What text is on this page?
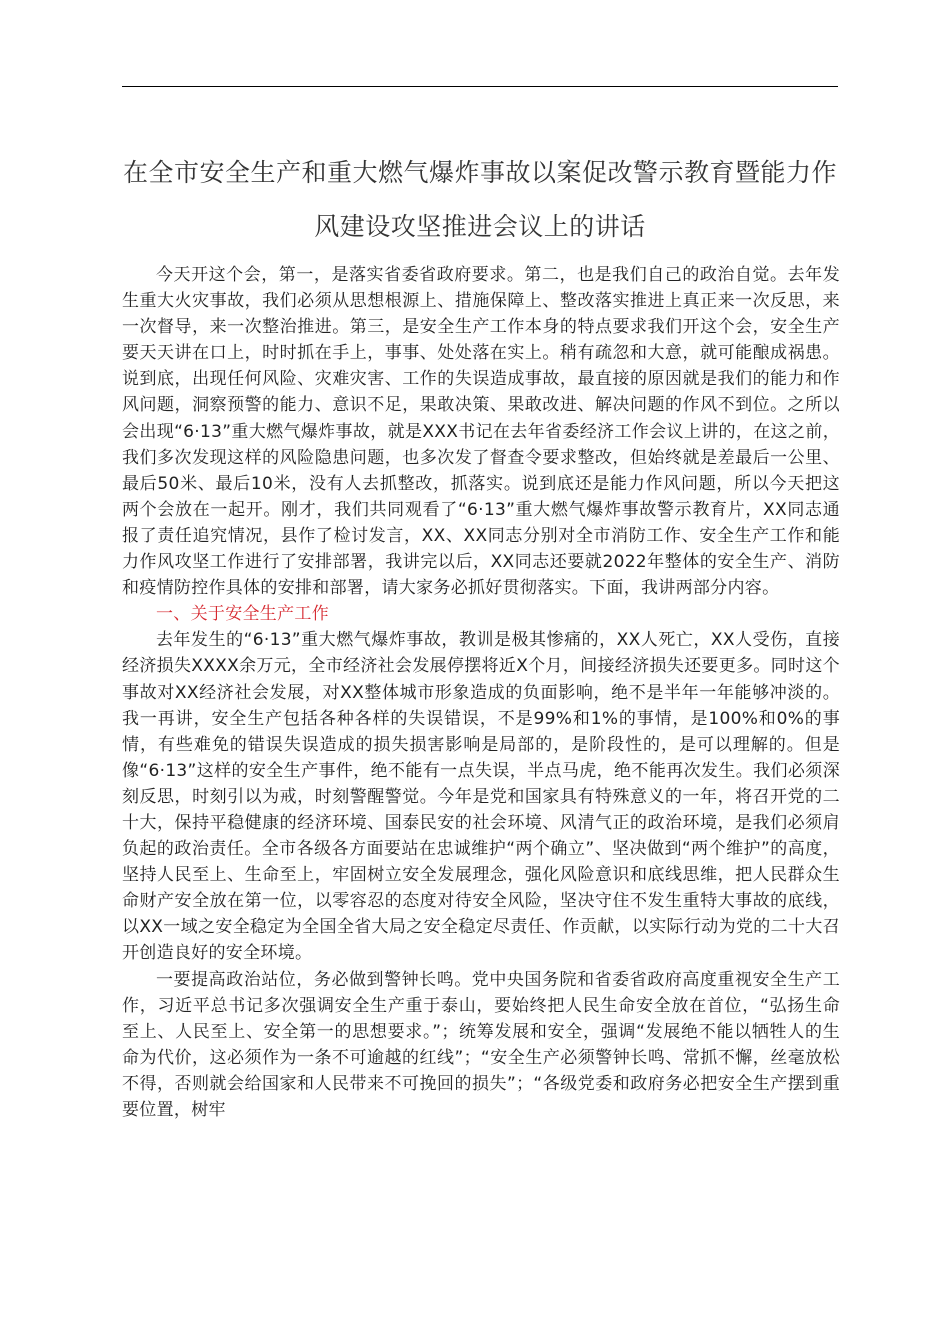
在全市安全生产和重大燃气爆炸事故以案促改警示教育暨能力作风建设攻坚推进会议上的讲话

今天开这个会，第一，是落实省委省政府要求。第二，也是我们自己的政治自觉。去年发生重大火灾事故，我们必须从思想根源上、措施保障上、整改落实推进上真正来一次反思，来一次督导，来一次整治推进。第三，是安全生产工作本身的特点要求我们开这个会，安全生产要天天讲在口上，时时抓在手上，事事、处处落在实上。稍有疏忽和大意，就可能酿成祸患。说到底，出现任何风险、灾难灾害、工作的失误造成事故，最直接的原因就是我们的能力和作风问题，洞察预警的能力、意识不足，果敢决策、果敢改进、解决问题的作风不到位。之所以会出现“6·13”重大燃气爆炸事故，就是XXX书记在去年省委经济工作会议上讲的，在这之前，我们多次发现这样的风险隐患问题，也多次发了督查令要求整改，但始终就是差最后一公里、最后50米、最后10米，没有人去抓整改，抓落实。说到底还是能力作风问题，所以今天把这两个会放在一起开。刚才，我们共同观看了“6·13”重大燃气爆炸事故警示教育片，XX同志通报了责任追究情况，县作了检讨发言，XX、XX同志分别对全市消防工作、安全生产工作和能力作风攻坚工作进行了安排部署，我讲完以后，XX同志还要就2022年整体的安全生产、消防和疫情防控作具体的安排和部署，请大家务必抓好贯彻落实。下面，我讲两部分内容。

一、关于安全生产工作

去年发生的“6·13”重大燃气爆炸事故，教训是极其惨痛的，XX人死亡，XX人受伤，直接经济损失XXXX余万元，全市经济社会发展停摆将近X个月，间接经济损失还要更多。同时这个事故对XX经济社会发展，对XX整体城市形象造成的负面影响，绝不是半年一年能够冲淡的。我一再讲，安全生产包括各种各样的失误错误，不是99%和1%的事情，是100%和0%的事情，有些难免的错误失误造成的损失损害影响是局部的，是阶段性的，是可以理解的。但是像“6·13”这样的安全生产事件，绝不能有一点失误，半点马虎，绝不能再次发生。我们必须深刻反思，时刻引以为戒，时刻警醒警觉。今年是党和国家具有特殊意义的一年，将召开党的二十大，保持平稳健康的经济环境、国泰民安的社会环境、风清气正的政治环境，是我们必须肩负起的政治责任。全市各级各方面要站在忠诚维护“两个确立”、坚决做到“两个维护”的高度，坚持人民至上、生命至上，牢固树立安全发展理念，强化风险意识和底线思维，把人民群众生命财产安全放在第一位，以零容忍的态度对待安全风险，坚决守住不发生重特大事故的底线，以XX一域之安全稳定为全国全省大局之安全稳定尽责任、作贡献，以实际行动为党的二十大召开创造良好的安全环境。

一要提高政治站位，务必做到警钟长鸣。党中央国务院和省委省政府高度重视安全生产工作，习近平总书记多次强调安全生产重于泰山，要始终把人民生命安全放在首位，“弘扬生命至上、人民至上、安全第一的思想要求。”；统筹发展和安全，强调“发展绝不能以牺牲人的生命为代价，这必须作为一条不可逾越的红线”；“安全生产必须警钟长鸣、常抓不懈，丝毫放松不得，否则就会给国家和人民带来不可挽回的损失”；“各级党委和政府务必把安全生产摆到重要位置，树牢
